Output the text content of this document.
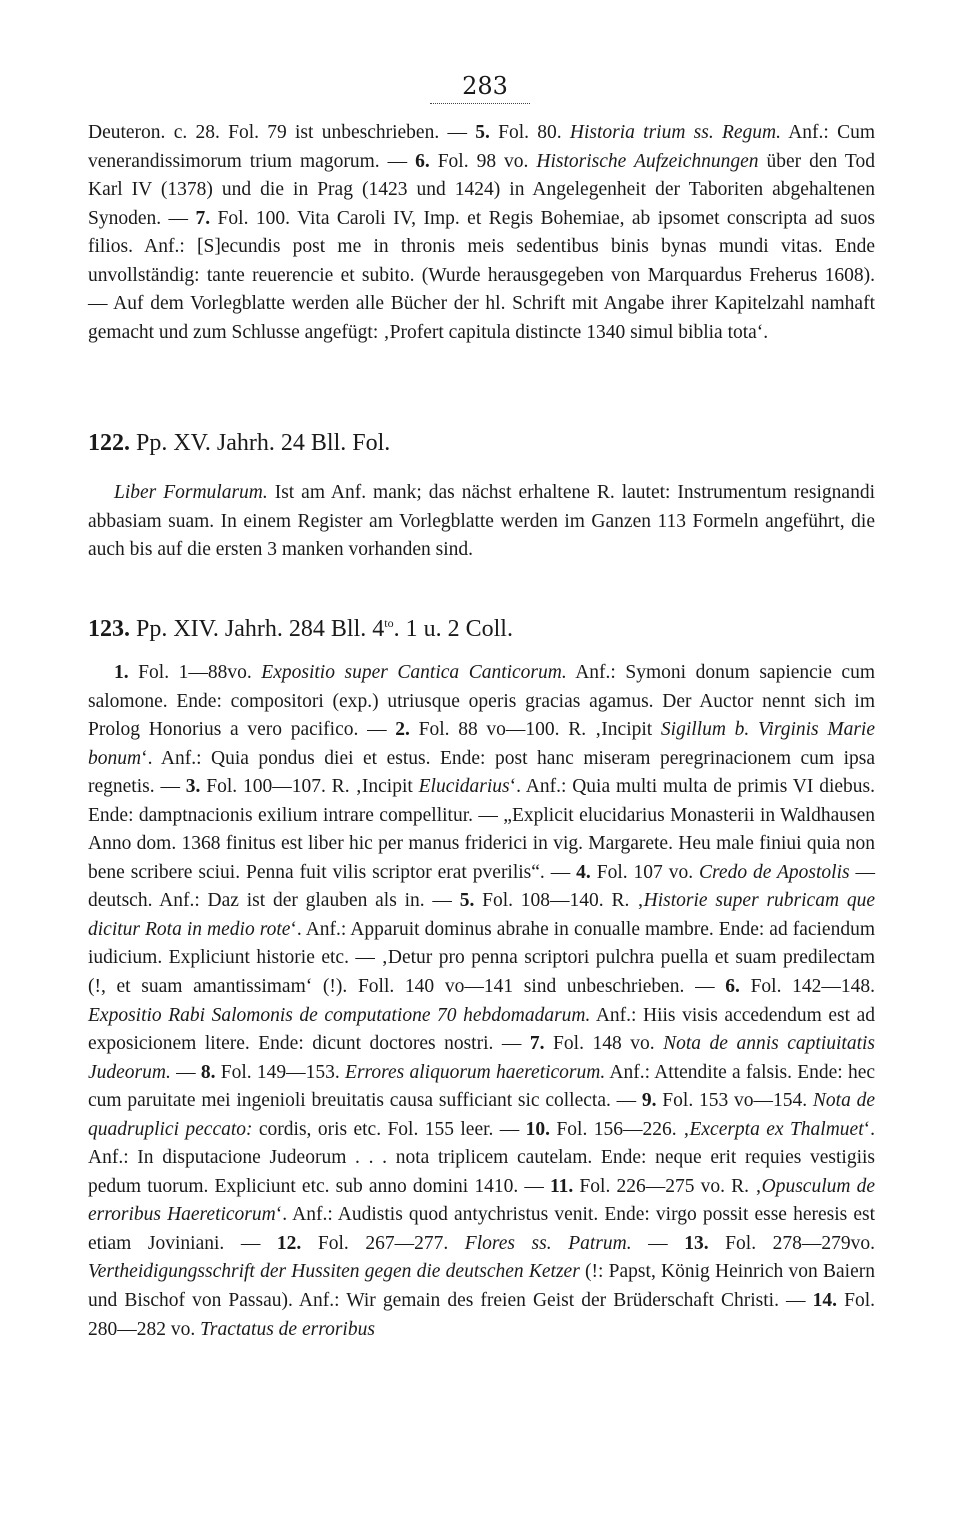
283

Deuteron. c. 28. Fol. 79 ist unbeschrieben. — 5. Fol. 80. Historia trium ss. Regum. Anf.: Cum venerandissimorum trium magorum. — 6. Fol. 98 vo. Historische Aufzeichnungen über den Tod Karl IV (1378) und die in Prag (1423 und 1424) in Angelegenheit der Taboriten abgehaltenen Synoden. — 7. Fol. 100. Vita Caroli IV, Imp. et Regis Bohemiae, ab ipsomet conscripta ad suos filios. Anf.: [S]ecundis post me in thronis meis sedentibus binis bynas mundi vitas. Ende unvollständig: tante reuerencie et subito. (Wurde herausgegeben von Marquardus Freherus 1608). — Auf dem Vorlegblatte werden alle Bücher der hl. Schrift mit Angabe ihrer Kapitelzahl namhaft gemacht und zum Schlusse angefügt: ‚Profert capitula distincte 1340 simul biblia tota‘.

122. Pp. XV. Jahrh. 24 Bll. Fol.

Liber Formularum. Ist am Anf. mank; das nächst erhaltene R. lautet: Instrumentum resignandi abbasiam suam. In einem Register am Vorlegblatte werden im Ganzen 113 Formeln angeführt, die auch bis auf die ersten 3 manken vorhanden sind.

123. Pp. XIV. Jahrh. 284 Bll. $4^{to}$. 1 u. 2 Coll.

1. Fol. 1—88vo. Expositio super Cantica Canticorum. Anf.: Symoni donum sapiencie cum salomone. Ende: compositori (exp.) utriusque operis gracias agamus. Der Auctor nennt sich im Prolog Honorius a vero pacifico. — 2. Fol. 88 vo—100. R. ‚Incipit Sigillum b. Virginis Marie bonum‘. Anf.: Quia pondus diei et estus. Ende: post hanc miseram peregrinacionem cum ipsa regnetis. — 3. Fol. 100—107. R. ‚Incipit Elucidarius‘. Anf.: Quia multi multa de primis VI diebus. Ende: damptnacionis exilium intrare compellitur. — „Explicit elucidarius Monasterii in Waldhausen Anno dom. 1368 finitus est liber hic per manus friderici in vig. Margarete. Heu male finiui quia non bene scribere sciui. Penna fuit vilis scriptor erat pverilis“. — 4. Fol. 107 vo. Credo de Apostolis — deutsch. Anf.: Daz ist der glauben als in. — 5. Fol. 108—140. R. ‚Historie super rubricam que dicitur Rota in medio rote‘. Anf.: Apparuit dominus abrahe in conualle mambre. Ende: ad faciendum iudicium. Expliciunt historie etc. — ‚Detur pro penna scriptori pulchra puella et suam predilectam (!, et suam amantissimam‘ (!). Foll. 140 vo—141 sind unbeschrieben. — 6. Fol. 142—148. Expositio Rabi Salomonis de computatione 70 hebdomadarum. Anf.: Hiis visis accedendum est ad exposicionem litere. Ende: dicunt doctores nostri. — 7. Fol. 148 vo. Nota de annis captiuitatis Judeorum. — 8. Fol. 149—153. Errores aliquorum haereticorum. Anf.: Attendite a falsis. Ende: hec cum paruitate mei ingenioli breuitatis causa sufficiant sic collecta. — 9. Fol. 153 vo—154. Nota de quadruplici peccato: cordis, oris etc. Fol. 155 leer. — 10. Fol. 156—226. ‚Excerpta ex Thalmuet‘. Anf.: In disputacione Judeorum . . . nota triplicem cautelam. Ende: neque erit requies vestigiis pedum tuorum. Expliciunt etc. sub anno domini 1410. — 11. Fol. 226—275 vo. R. ‚Opusculum de erroribus Haereticorum‘. Anf.: Audistis quod antychristus venit. Ende: virgo possit esse heresis est etiam Joviniani. — 12. Fol. 267—277. Flores ss. Patrum. — 13. Fol. 278—279vo. Vertheidigungsschrift der Hussiten gegen die deutschen Ketzer (!: Papst, König Heinrich von Baiern und Bischof von Passau). Anf.: Wir gemain des freien Geist der Brüderschaft Christi. — 14. Fol. 280—282 vo. Tractatus de erroribus
